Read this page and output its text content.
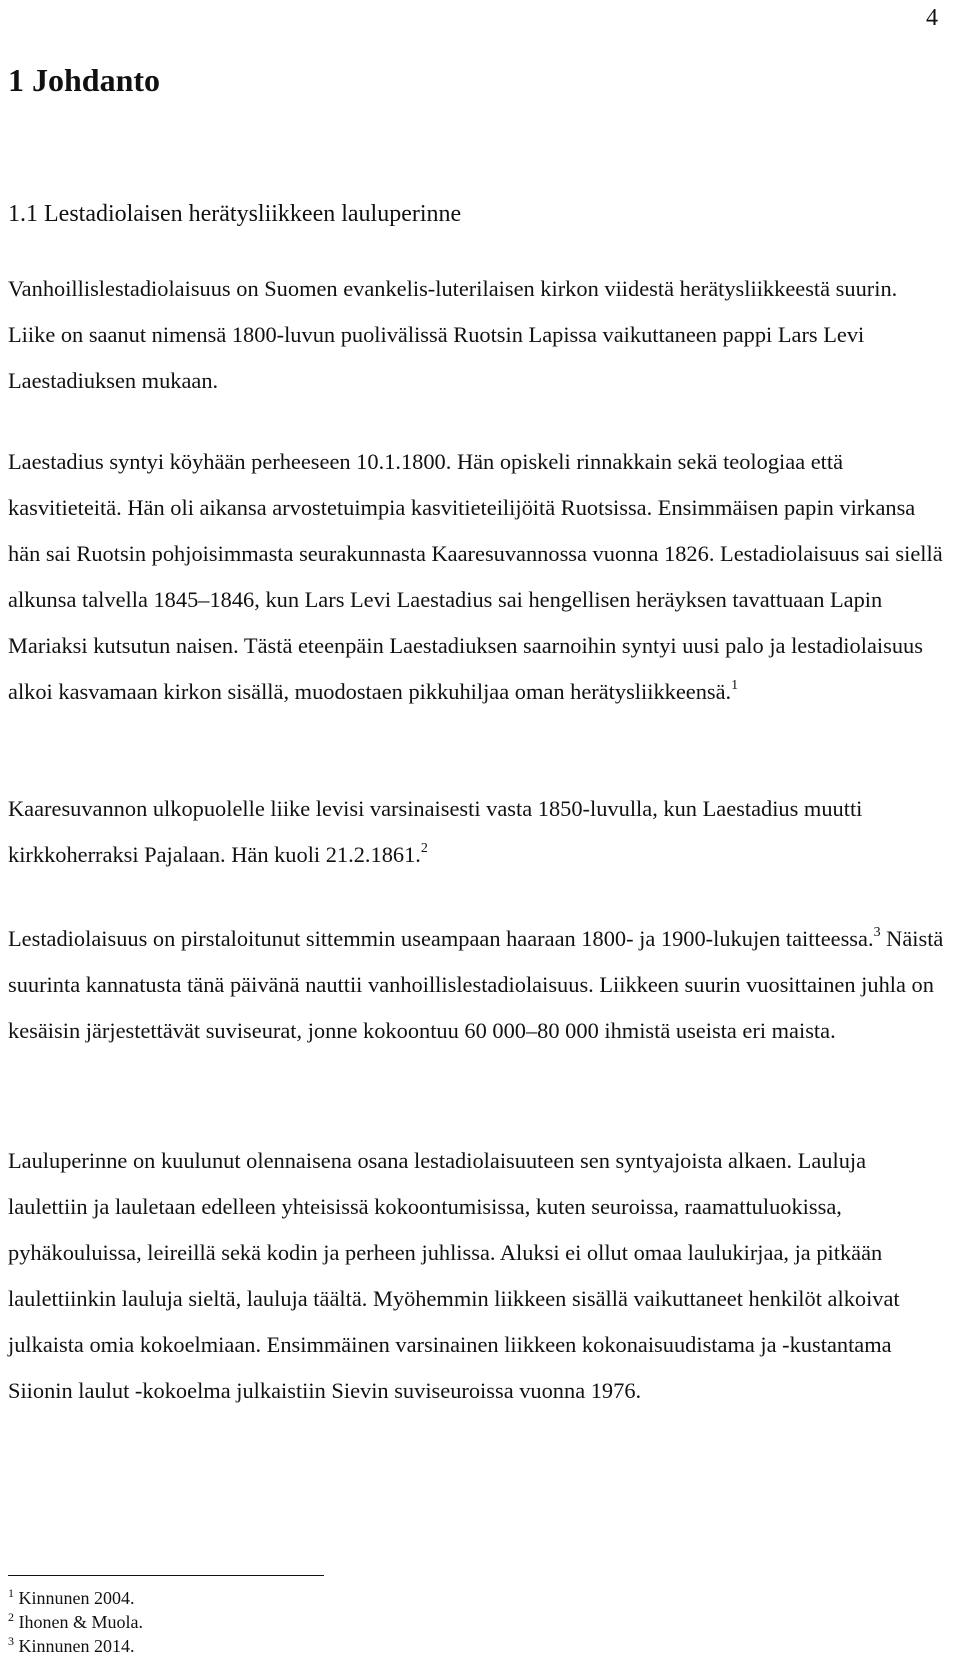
4
1 Johdanto
1.1 Lestadiolaisen herätysliikkeen lauluperinne

Vanhoillislestadiolaisuus on Suomen evankelis-luterilaisen kirkon viidestä herätysliikkeestä suurin. Liike on saanut nimensä 1800-luvun puolivälissä Ruotsin Lapissa vaikuttaneen pappi Lars Levi Laestadiuksen mukaan.

Laestadius syntyi köyhään perheeseen 10.1.1800. Hän opiskeli rinnakkain sekä teologiaa että kasvitieteitä. Hän oli aikansa arvostetuimpia kasvitieteilijöitä Ruotsissa. Ensimmäisen papin virkansa hän sai Ruotsin pohjoisimmasta seurakunnasta Kaaresuvannossa vuonna 1826. Lestadiolaisuus sai siellä alkunsa talvella 1845–1846, kun Lars Levi Laestadius sai hengellisen heräyksen tavattuaan Lapin Mariaksi kutsutun naisen. Tästä eteenpäin Laestadiuksen saarnoihin syntyi uusi palo ja lestadiolaisuus alkoi kasvamaan kirkon sisällä, muodostaen pikkuhiljaa oman herätysliikkeensä.$^1$

Kaaresuvannon ulkopuolelle liike levisi varsinaisesti vasta 1850-luvulla, kun Laestadius muutti kirkkoherraksi Pajalaan. Hän kuoli 21.2.1861.$^2$

Lestadiolaisuus on pirstaloitunut sittemmin useampaan haaraan 1800- ja 1900-lukujen taitteessa.$^3$ Näistä suurinta kannatusta tänä päivänä nauttii vanhoillislestadiolaisuus. Liikkeen suurin vuosittainen juhla on kesäisin järjestettävät suviseurat, jonne kokoontuu 60 000–80 000 ihmistä useista eri maista.

Lauluperinne on kuulunut olennaisena osana lestadiolaisuuteen sen syntyajoista alkaen. Lauluja laulettiin ja lauletaan edelleen yhteisissä kokoontumisissa, kuten seuroissa, raamattuluokissa, pyhäkouluissa, leireillä sekä kodin ja perheen juhlissa. Aluksi ei ollut omaa laulukirjaa, ja pitkään laulettiinkin lauluja sieltä, lauluja täältä. Myöhemmin liikkeen sisällä vaikuttaneet henkilöt alkoivat julkaista omia kokoelmiaan. Ensimmäinen varsinainen liikkeen kokonaisuudistama ja -kustantama Siionin laulut -kokoelma julkaistiin Sievin suviseuroissa vuonna 1976.

$^1$ Kinnunen 2004.
$^2$ Ihonen & Muola.
$^3$ Kinnunen 2014.
